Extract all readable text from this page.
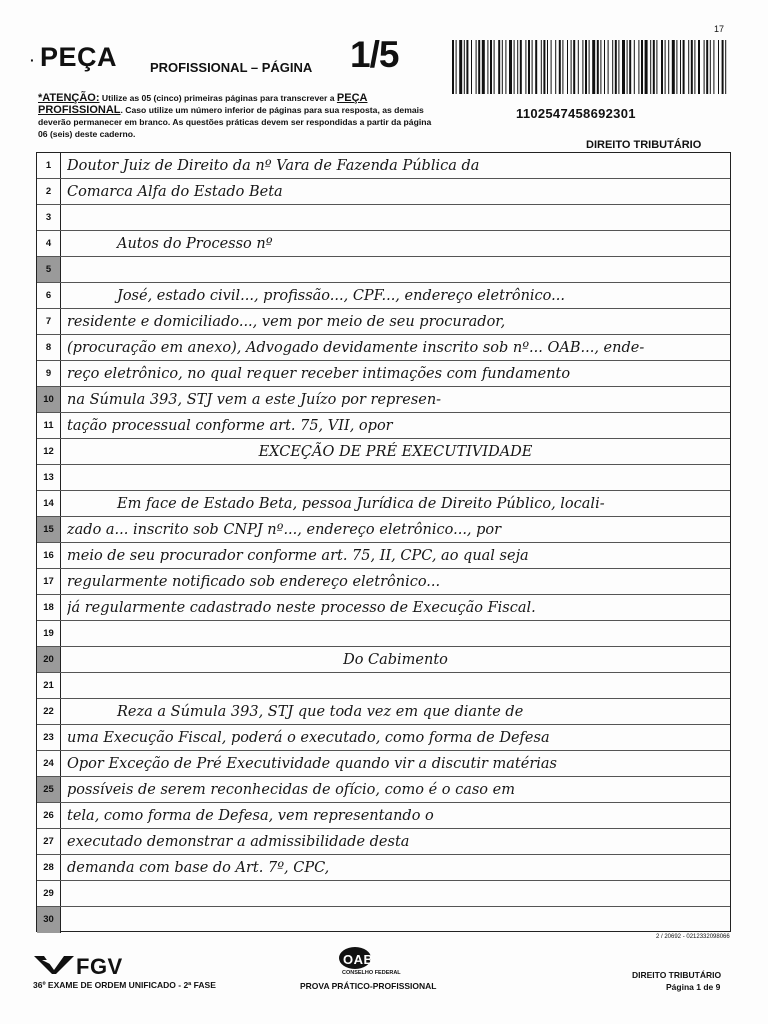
17
· PEÇA	PROFISSIONAL – PÁGINA 1/5
1102547458692301
DIREITO TRIBUTÁRIO
*ATENÇÃO: Utilize as 05 (cinco) primeiras páginas para transcrever a PEÇA PROFISSIONAL. Caso utilize um número inferior de páginas para sua resposta, as demais deverão permanecer em branco. As questões práticas devem ser respondidas a partir da página 06 (seis) deste caderno.
1	Doutor Juiz de Direito da nº Vara de Fazenda Pública da
2	Comarca Alfa do Estado Beta
3
4	Autos do Processo nº
5
6	José, estado civil..., profissão..., CPF..., endereço eletrônico...
7	residente e domiciliado..., vem por meio de seu procurador,
8	(procuração em anexo), Advogado devidamente inscrito sob nº... OAB..., ende-
9	reço eletrônico, no qual requer receber intimações com fundamento
10 na Súmula 393, STJ vem a este Juízo por represen-
11 tação processual conforme art. 75, VII, opor
12	EXCEÇÃO DE PRÉ EXECUTIVIDADE
13
14	Em face de Estado Beta, pessoa Jurídica de Direito Público, locali-
15 zado a... inscrito sob CNPJ nº..., endereço eletrônico..., por
16 meio de seu procurador conforme art. 75, II, CPC, ao qual seja
17 regularmente notificado sob endereço eletrônico...
18 já regularmente cadastrado neste processo de Execução Fiscal.
19
20	Do Cabimento
21
22	Reza a Súmula 393, STJ que toda vez em que diante de
23 uma Execução Fiscal, poderá o executado, como forma de Defesa
24 Opor Exceção de Pré Executividade quando vir a discutir matérias
25 possíveis de serem reconhecidas de ofício, como é o caso em
26 tela, como forma de Defesa, vem representando o
27 executado demonstrar a admissibilidade desta
28 demanda com base do Art. 7º, CPC,
29
30
2 / 20692 - 0212332098066
FGV
36º EXAME DE ORDEM UNIFICADO - 2ª FASE
OAB
CONSELHO FEDERAL
PROVA PRÁTICO-PROFISSIONAL
DIREITO TRIBUTÁRIO
Página 1 de 9
